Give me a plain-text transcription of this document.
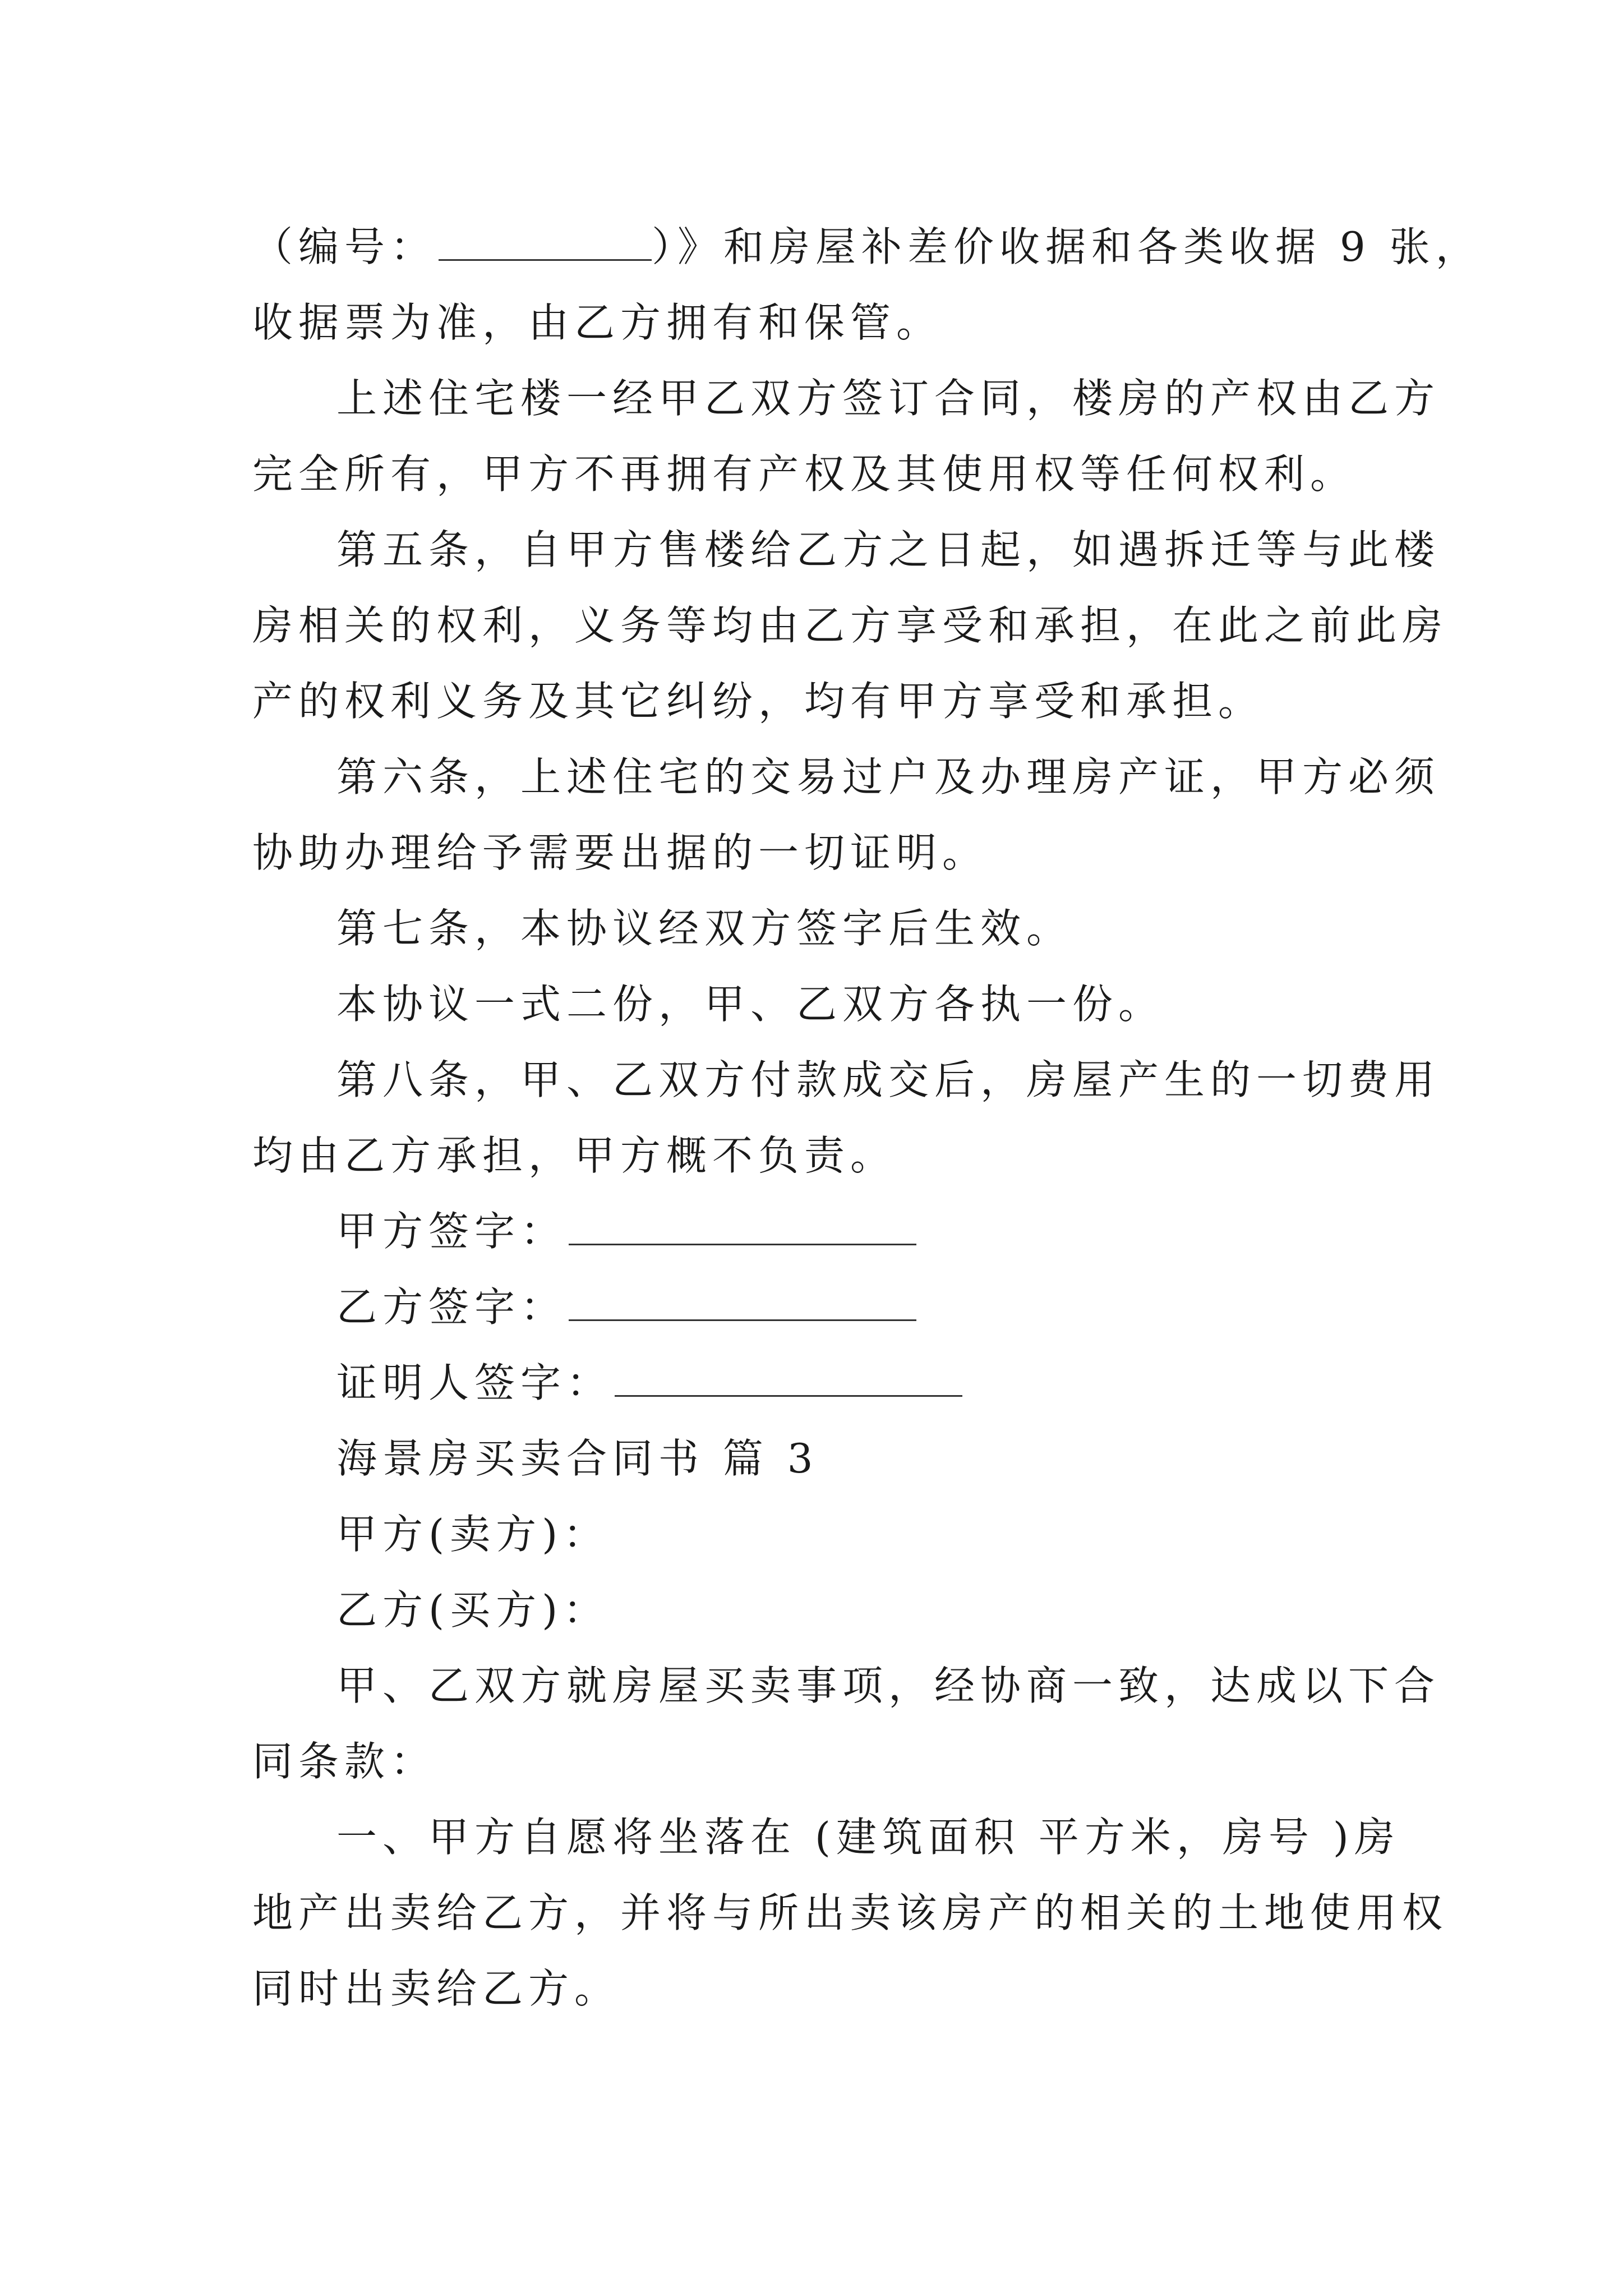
（编号：	）》和房屋补差价收据和各类收据 9 张，
收据票为准，由乙方拥有和保管。
上述住宅楼一经甲乙双方签订合同，楼房的产权由乙方
完全所有，甲方不再拥有产权及其使用权等任何权利。
第五条，自甲方售楼给乙方之日起，如遇拆迁等与此楼
房相关的权利，义务等均由乙方享受和承担，在此之前此房
产的权利义务及其它纠纷，均有甲方享受和承担。
第六条，上述住宅的交易过户及办理房产证，甲方必须
协助办理给予需要出据的一切证明。
第七条，本协议经双方签字后生效。
本协议一式二份，甲、乙双方各执一份。
第八条，甲、乙双方付款成交后，房屋产生的一切费用
均由乙方承担，甲方概不负责。
甲方签字：
乙方签字：
证明人签字：
海景房买卖合同书 篇 3
甲方(卖方)：
乙方(买方)：
甲、乙双方就房屋买卖事项，经协商一致，达成以下合
同条款：
一、甲方自愿将坐落在 (建筑面积 平方米，房号 )房
地产出卖给乙方，并将与所出卖该房产的相关的土地使用权
同时出卖给乙方。
